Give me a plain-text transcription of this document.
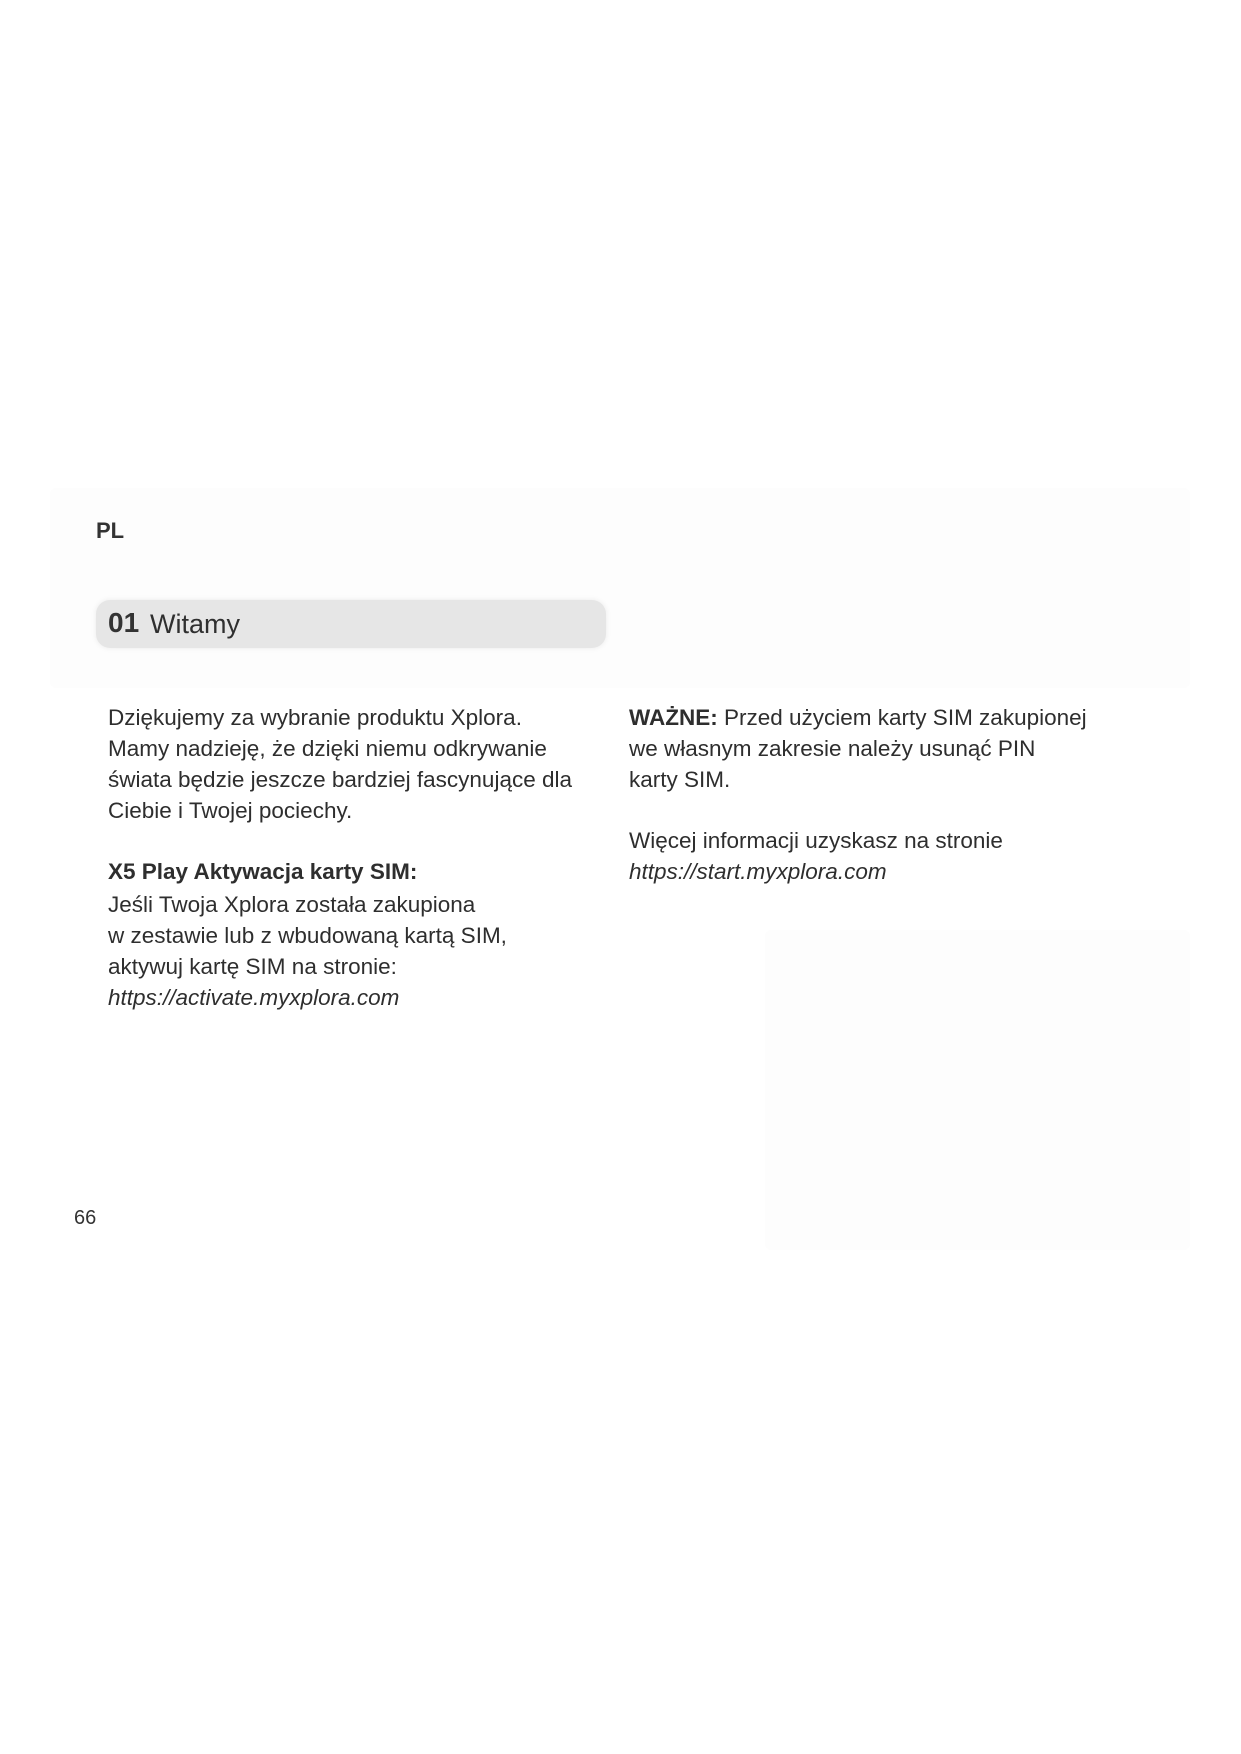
PL
01 Witamy

Dziękujemy za wybranie produktu Xplora.
Mamy nadzieję, że dzięki niemu odkrywanie
świata będzie jeszcze bardziej fascynujące dla
Ciebie i Twojej pociechy.

X5 Play Aktywacja karty SIM:
Jeśli Twoja Xplora została zakupiona
w zestawie lub z wbudowaną kartą SIM,
aktywuj kartę SIM na stronie:
https://activate.myxplora.com

WAŻNE: Przed użyciem karty SIM zakupionej
we własnym zakresie należy usunąć PIN
karty SIM.

Więcej informacji uzyskasz na stronie
https://start.myxplora.com

66
